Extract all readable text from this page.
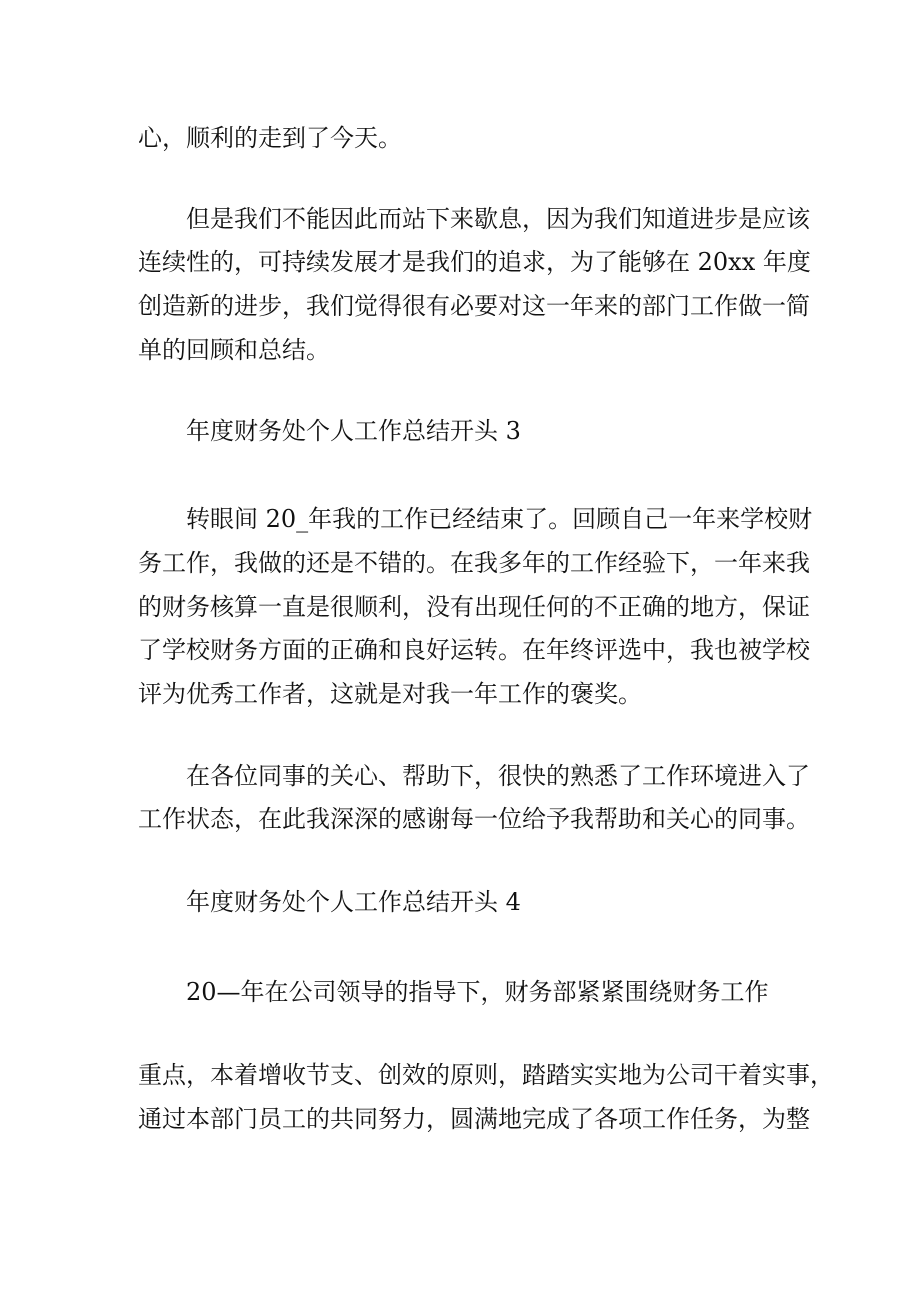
心，顺利的走到了今天。

但是我们不能因此而站下来歇息，因为我们知道进步是应该

连续性的，可持续发展才是我们的追求，为了能够在 20xx 年度

创造新的进步，我们觉得很有必要对这一年来的部门工作做一简

单的回顾和总结。

年度财务处个人工作总结开头 3

转眼间 20_年我的工作已经结束了。回顾自己一年来学校财

务工作，我做的还是不错的。在我多年的工作经验下，一年来我

的财务核算一直是很顺利，没有出现任何的不正确的地方，保证

了学校财务方面的正确和良好运转。在年终评选中，我也被学校

评为优秀工作者，这就是对我一年工作的褒奖。

在各位同事的关心、帮助下，很快的熟悉了工作环境进入了

工作状态，在此我深深的感谢每一位给予我帮助和关心的同事。

年度财务处个人工作总结开头 4

20—年在公司领导的指导下，财务部紧紧围绕财务工作

重点，本着增收节支、创效的原则，踏踏实实地为公司干着实事，

通过本部门员工的共同努力，圆满地完成了各项工作任务，为整
